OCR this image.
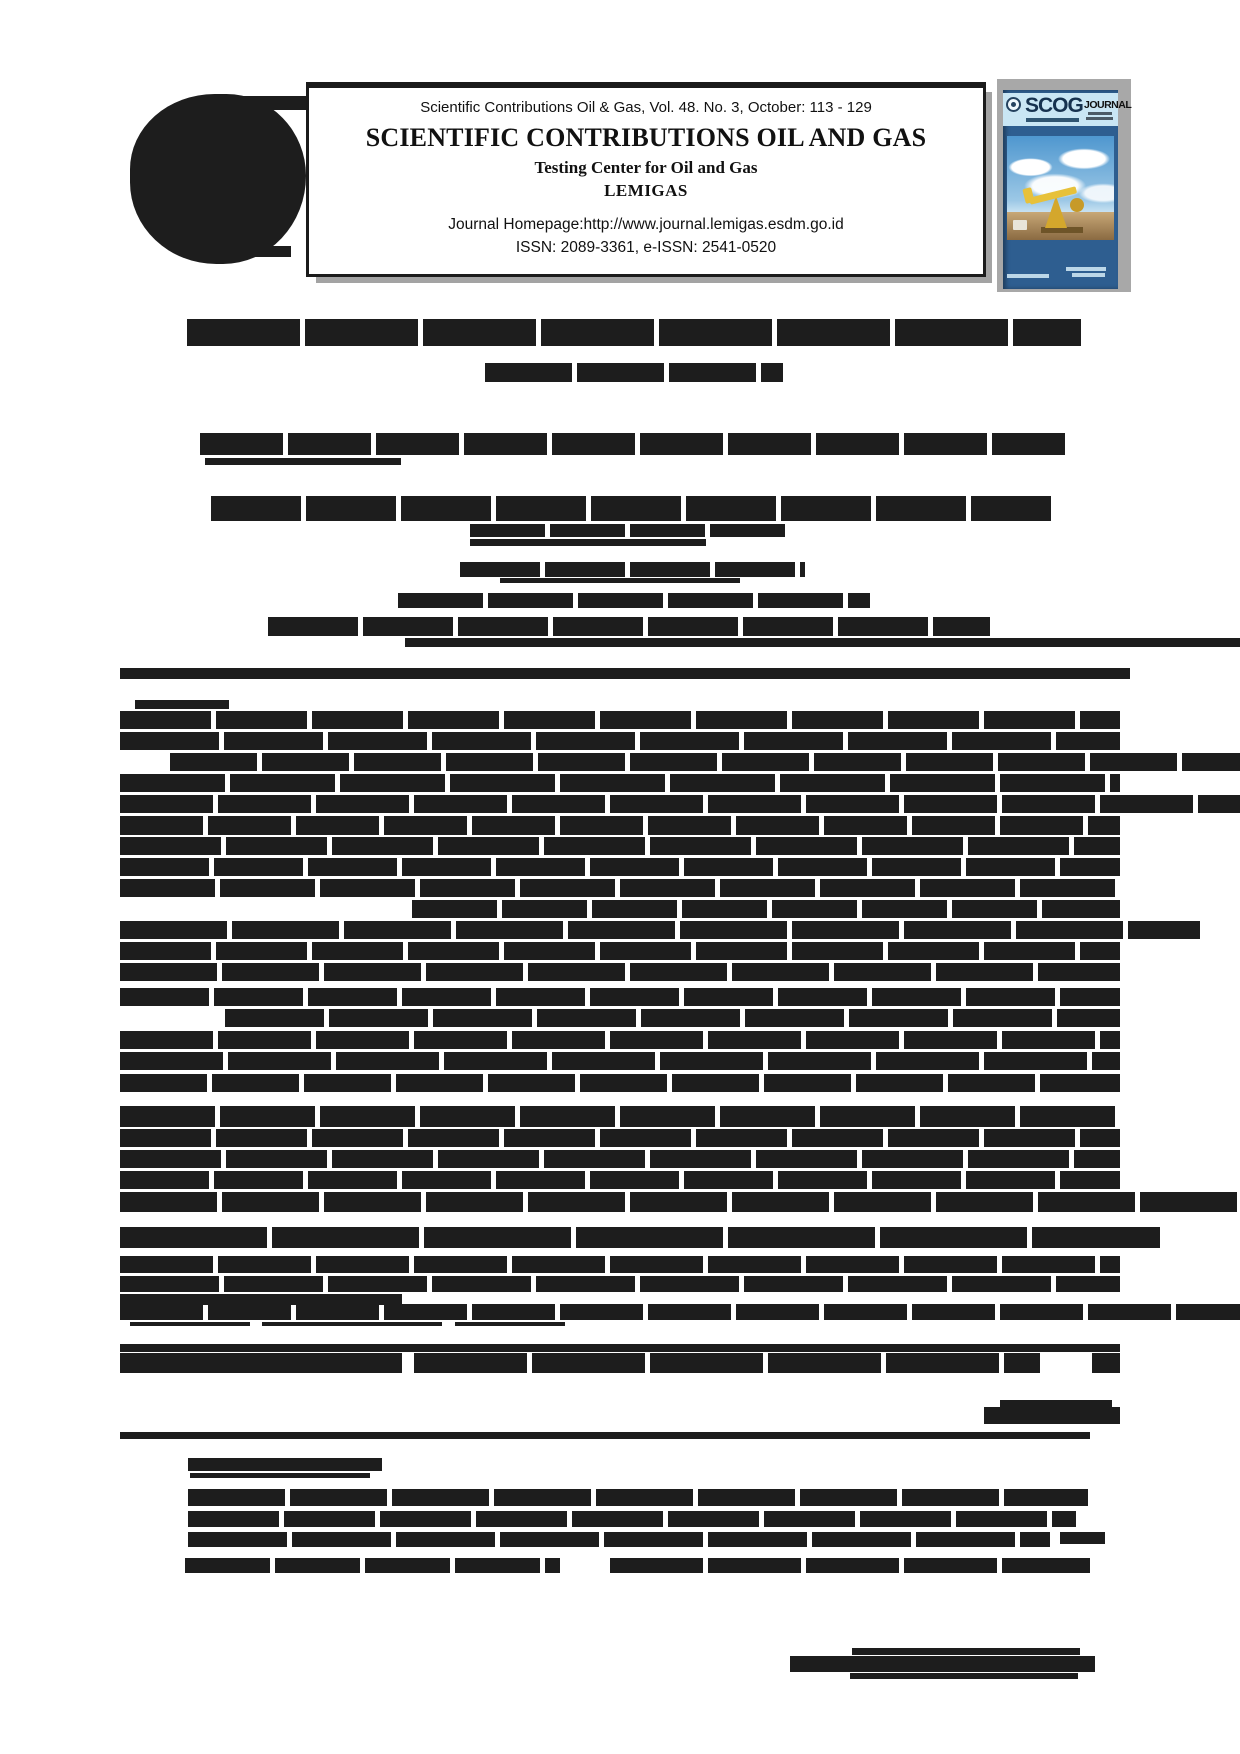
Scientific Contributions Oil & Gas, Vol. 48. No. 3, October: 113 - 129
SCIENTIFIC CONTRIBUTIONS OIL AND GAS
Testing Center for Oil and Gas
LEMIGAS
Journal Homepage:http://www.journal.lemigas.esdm.go.id
ISSN: 2089-3361, e-ISSN: 2541-0520
SCOG JOURNAL
